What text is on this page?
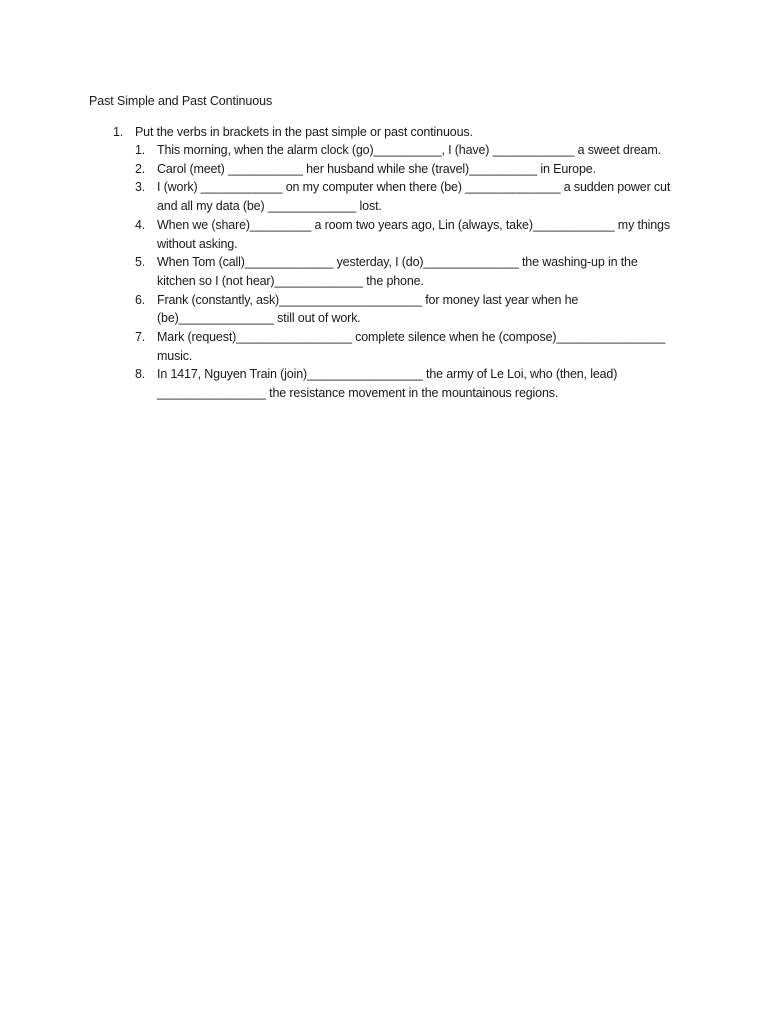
Past Simple and Past Continuous
1. Put the verbs in brackets in the past simple or past continuous.
1. This morning, when the alarm clock (go)__________, I (have) ____________ a sweet dream.
2. Carol (meet) ___________ her husband while she (travel)__________ in Europe.
3. I (work) ____________ on my computer when there (be) ______________ a sudden power cut and all my data (be) _____________ lost.
4. When we (share)_________ a room two years ago, Lin (always, take)____________ my things without asking.
5. When Tom (call)_____________ yesterday, I (do)______________ the washing-up in the kitchen so I (not hear)_____________ the phone.
6. Frank (constantly, ask)_____________________ for money last year when he (be)______________ still out of work.
7. Mark (request)_________________ complete silence when he (compose)________________ music.
8. In 1417, Nguyen Train (join)_________________ the army of Le Loi, who (then, lead) ________________ the resistance movement in the mountainous regions.
